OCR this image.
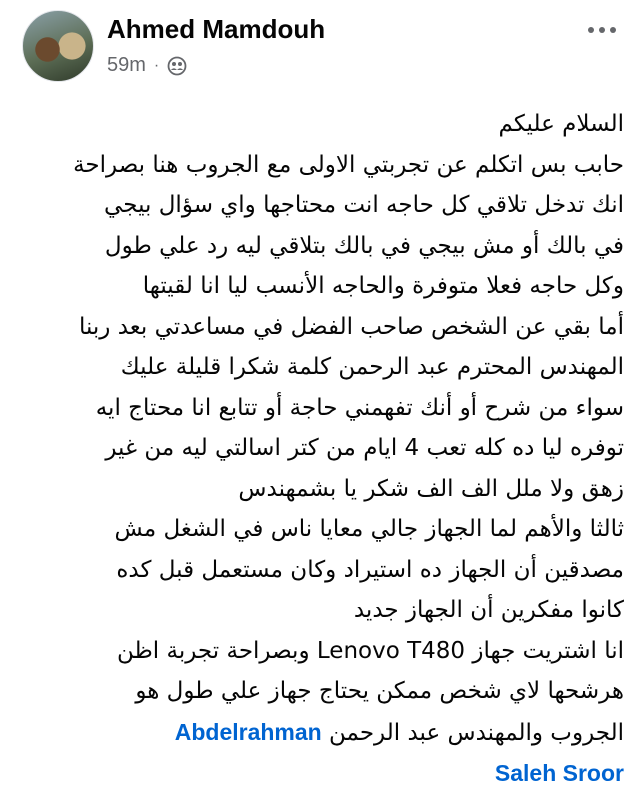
Ahmed Mamdouh
59m ·
السلام عليكم
حابب بس اتكلم عن تجربتي الاولى مع الجروب هنا بصراحة
انك تدخل تلاقي كل حاجه انت محتاجها واي سؤال بيجي
في بالك أو مش بيجي في بالك بتلاقي ليه رد علي طول
وكل حاجه فعلا متوفرة والحاجه الأنسب ليا انا لقيتها
أما بقي عن الشخص صاحب الفضل في مساعدتي بعد ربنا
المهندس المحترم عبد الرحمن كلمة شكرا قليلة عليك
سواء من شرح أو أنك تفهمني حاجة أو تتابع انا محتاج ايه
توفره ليا ده كله تعب 4 ايام من كتر اسالتي ليه من غير
زهق ولا ملل الف الف شكر يا بشمهندس
ثالثا والأهم لما الجهاز جالي معايا ناس في الشغل مش
مصدقين أن الجهاز ده استيراد وكان مستعمل قبل كده
كانوا مفكرين أن الجهاز جديد
انا اشتريت جهاز Lenovo T480 وبصراحة تجربة اظن
هرشحها لاي شخص ممكن يحتاج جهاز علي طول هو
الجروب والمهندس عبد الرحمن Abdelrahman
Saleh Sroor
